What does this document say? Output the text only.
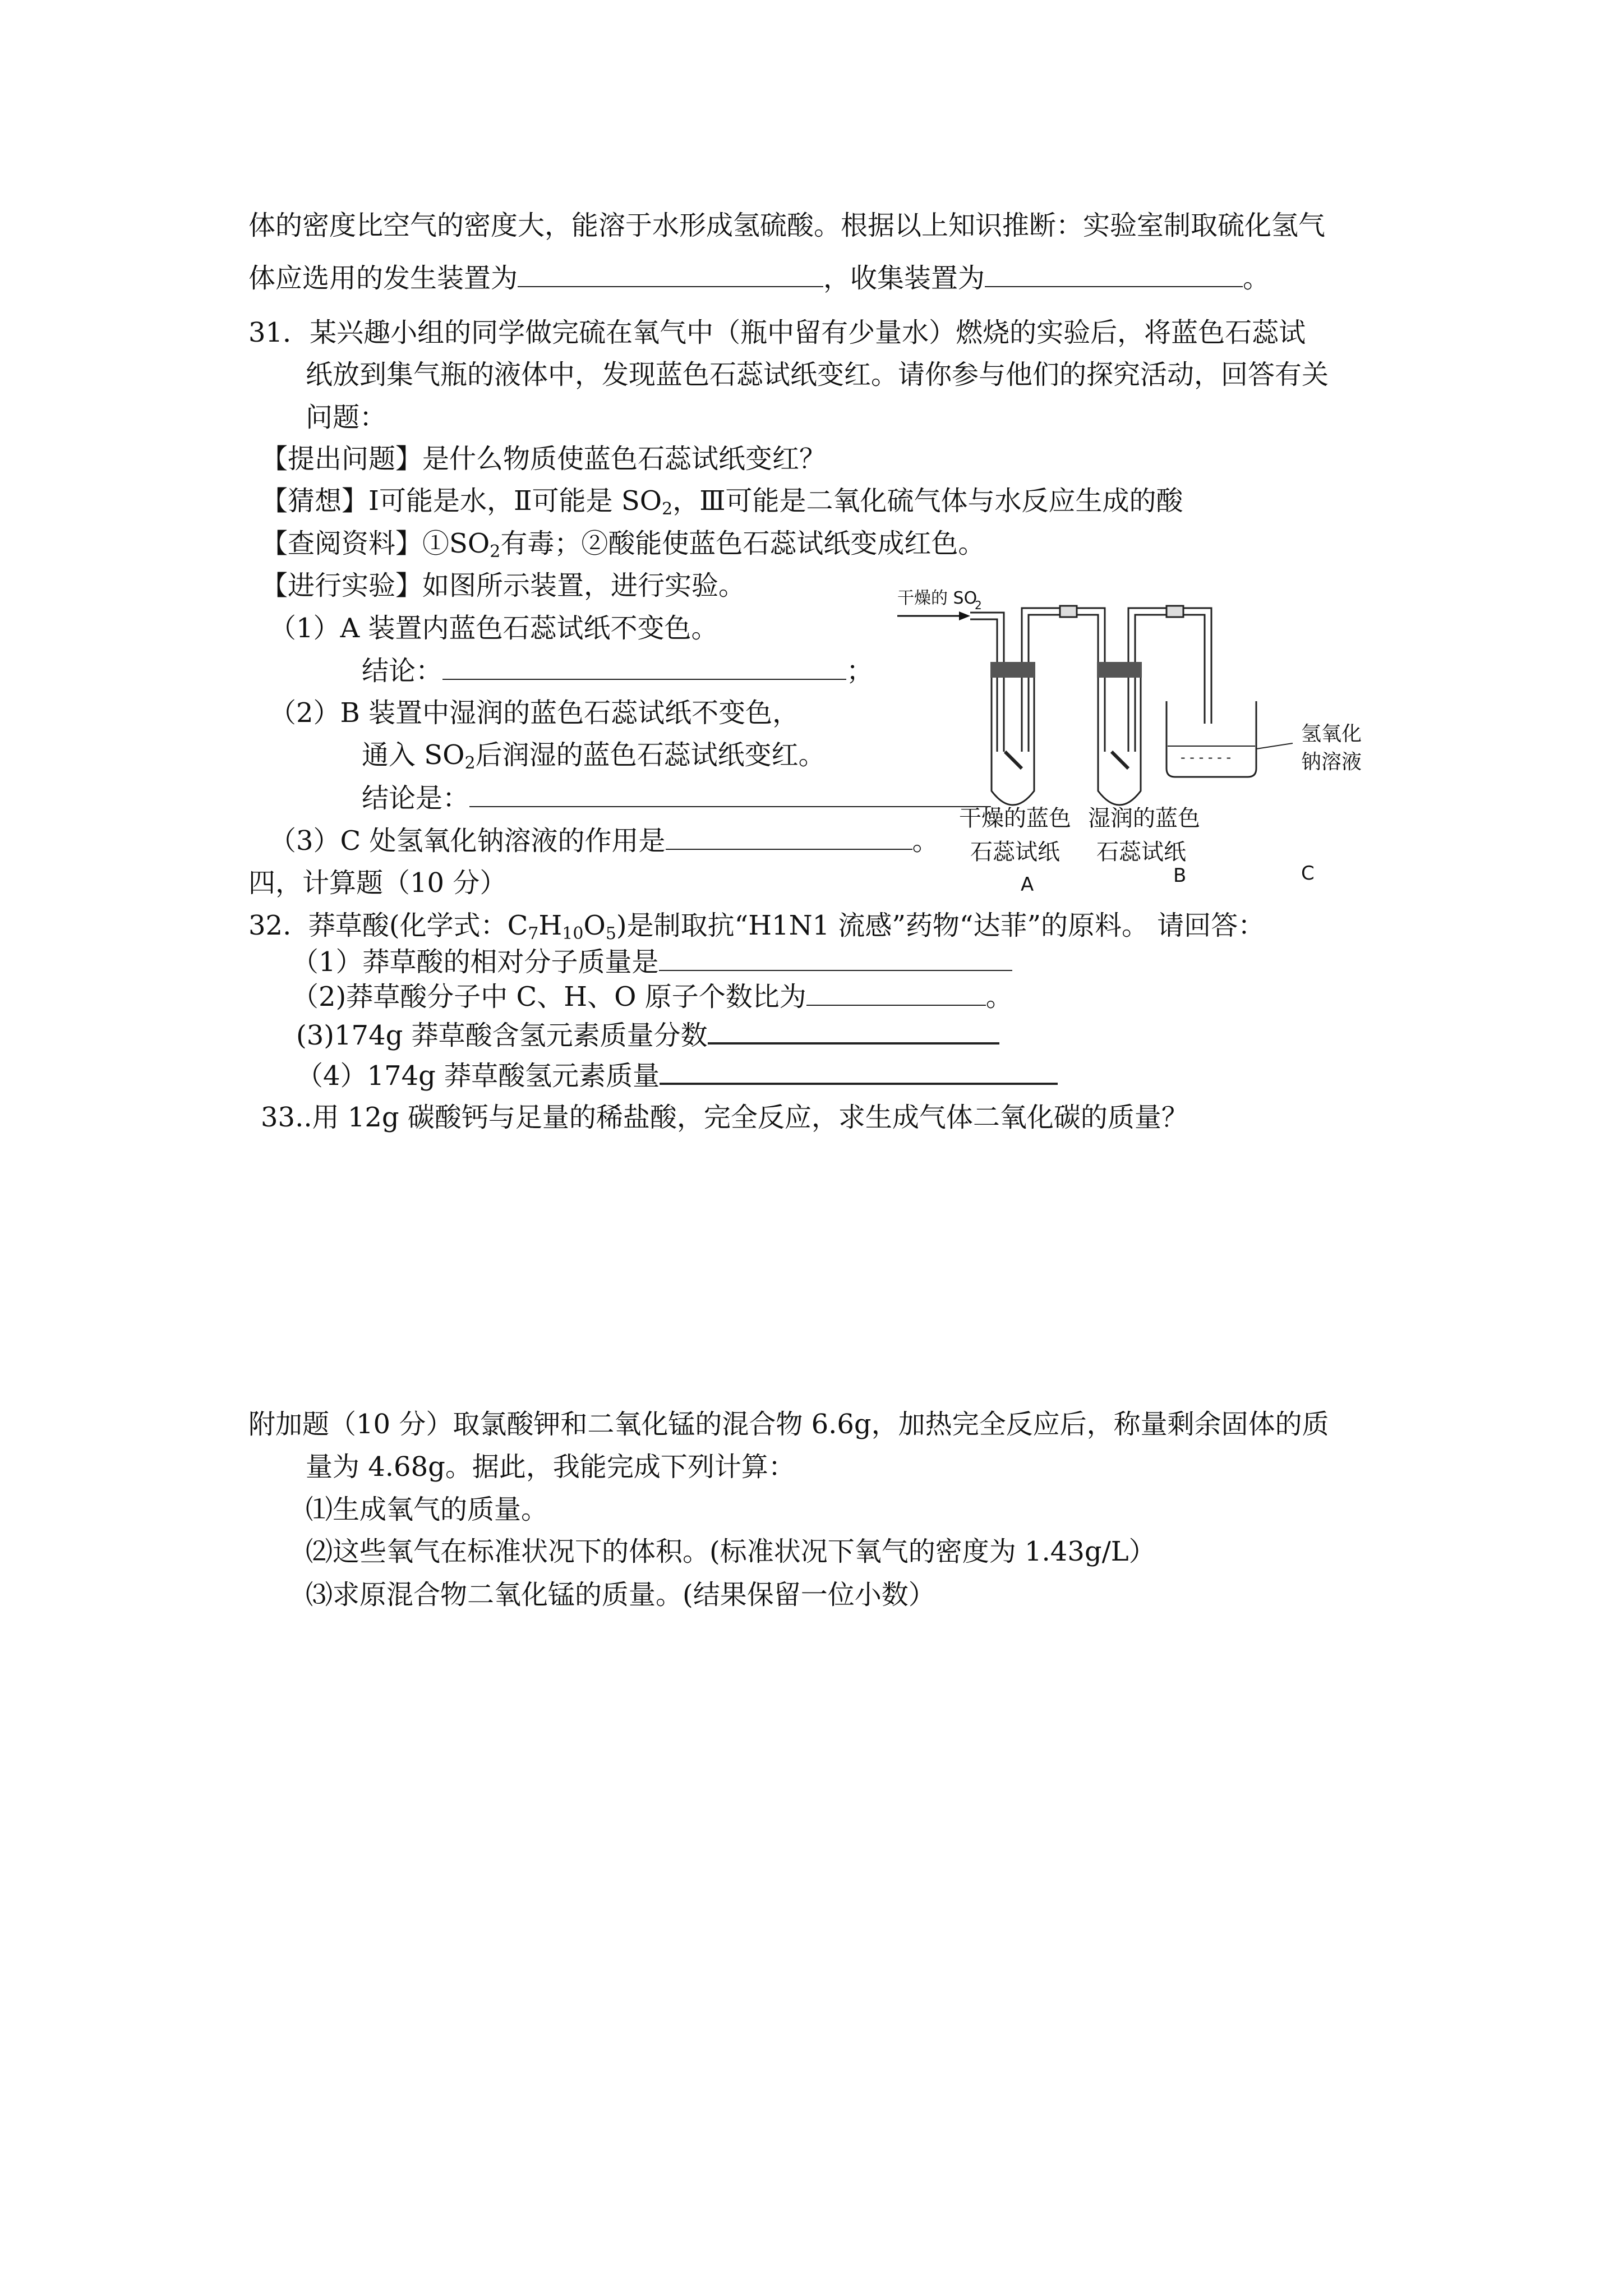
体的密度比空气的密度大，能溶于水形成氢硫酸。根据以上知识推断：实验室制取硫化氢气
体应选用的发生装置为	，收集装置为	。
31．某兴趣小组的同学做完硫在氧气中（瓶中留有少量水）燃烧的实验后，将蓝色石蕊试
纸放到集气瓶的液体中，发现蓝色石蕊试纸变红。请你参与他们的探究活动，回答有关
问题：
【提出问题】是什么物质使蓝色石蕊试纸变红？
【猜想】Ⅰ可能是水，Ⅱ可能是 $SO_2$，Ⅲ可能是二氧化硫气体与水反应生成的酸
【查阅资料】$①SO_2$有毒；②酸能使蓝色石蕊试纸变成红色。
【进行实验】如图所示装置，进行实验。
（1）A 装置内蓝色石蕊试纸不变色。
结论：	；
（2）B 装置中湿润的蓝色石蕊试纸不变色，
通入 $SO_2$后润湿的蓝色石蕊试纸变红。
结论是：
（3）C 处氢氧化钠溶液的作用是	。
干燥的 SO
2
- - - - - -
氢氧化
钠溶液
干燥的蓝色
石蕊试纸
湿润的蓝色
石蕊试纸
A	B	C
四，计算题（10 分）
32. 莽草酸(化学式：$C_7H_{10}O_5$)是制取抗“H1N1 流感”药物“达菲”的原料。 请回答：
（1）莽草酸的相对分子质量是
（2)莽草酸分子中 C、H、O 原子个数比为	。
(3)174g 莽草酸含氢元素质量分数
（4）174g 莽草酸氢元素质量
33..用 12g 碳酸钙与足量的稀盐酸，完全反应，求生成气体二氧化碳的质量？
附加题（10 分）取氯酸钾和二氧化锰的混合物 6.6g，加热完全反应后，称量剩余固体的质
量为 4.68g。据此，我能完成下列计算：
⑴生成氧气的质量。
⑵这些氧气在标准状况下的体积。(标准状况下氧气的密度为 1.43g/L）
⑶求原混合物二氧化锰的质量。(结果保留一位小数）
